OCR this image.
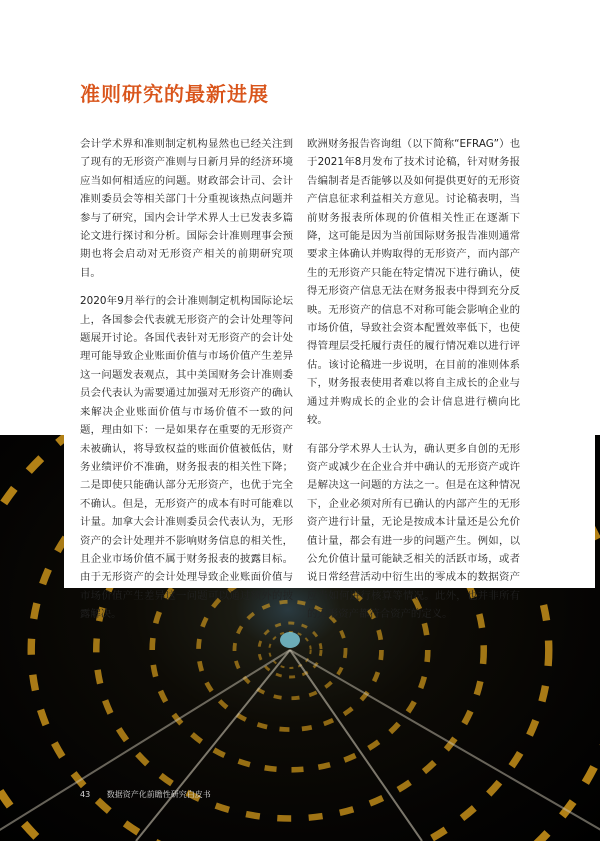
准则研究的最新进展

会计学术界和准则制定机构显然也已经关注到了现有的无形资产准则与日新月异的经济环境应当如何相适应的问题。财政部会计司、会计准则委员会等相关部门十分重视该热点问题并参与了研究，国内会计学术界人士已发表多篇论文进行探讨和分析。国际会计准则理事会预期也将会启动对无形资产相关的前期研究项目。

2020年9月举行的会计准则制定机构国际论坛上，各国参会代表就无形资产的会计处理等问题展开讨论。各国代表针对无形资产的会计处理可能导致企业账面价值与市场价值产生差异这一问题发表观点，其中美国财务会计准则委员会代表认为需要通过加强对无形资产的确认来解决企业账面价值与市场价值不一致的问题，理由如下：一是如果存在重要的无形资产未被确认，将导致权益的账面价值被低估，财务业绩评价不准确，财务报表的相关性下降；二是即使只能确认部分无形资产，也优于完全不确认。但是，无形资产的成本有时可能难以计量。加拿大会计准则委员会代表认为，无形资产的会计处理并不影响财务信息的相关性，且企业市场价值不属于财务报表的披露目标。由于无形资产的会计处理导致企业账面价值与市场价值产生差异这一问题可以通过额外的披露解决。

欧洲财务报告咨询组（以下简称“EFRAG”）也于2021年8月发布了技术讨论稿，针对财务报告编制者是否能够以及如何提供更好的无形资产信息征求利益相关方意见。讨论稿表明，当前财务报表所体现的价值相关性正在逐渐下降，这可能是因为当前国际财务报告准则通常要求主体确认并购取得的无形资产，而内部产生的无形资产只能在特定情况下进行确认，使得无形资产信息无法在财务报表中得到充分反映。无形资产的信息不对称可能会影响企业的市场价值，导致社会资本配置效率低下，也使得管理层受托履行责任的履行情况难以进行评估。该讨论稿进一步说明，在目前的准则体系下，财务报表使用者难以将自主成长的企业与通过并购成长的企业的会计信息进行横向比较。

有部分学术界人士认为，确认更多自创的无形资产或减少在企业合并中确认的无形资产或许是解决这一问题的方法之一。但是在这种情况下，企业必须对所有已确认的内部产生的无形资产进行计量，无论是按成本计量还是公允价值计量，都会有进一步的问题产生。例如，以公允价值计量可能缺乏相关的活跃市场，或者说日常经营活动中衍生出的零成本的数据资产应当如何进行核算等情况。此外，也并非所有的无形资产都符合资产的定义。

43 数据资产化前瞻性研究白皮书
